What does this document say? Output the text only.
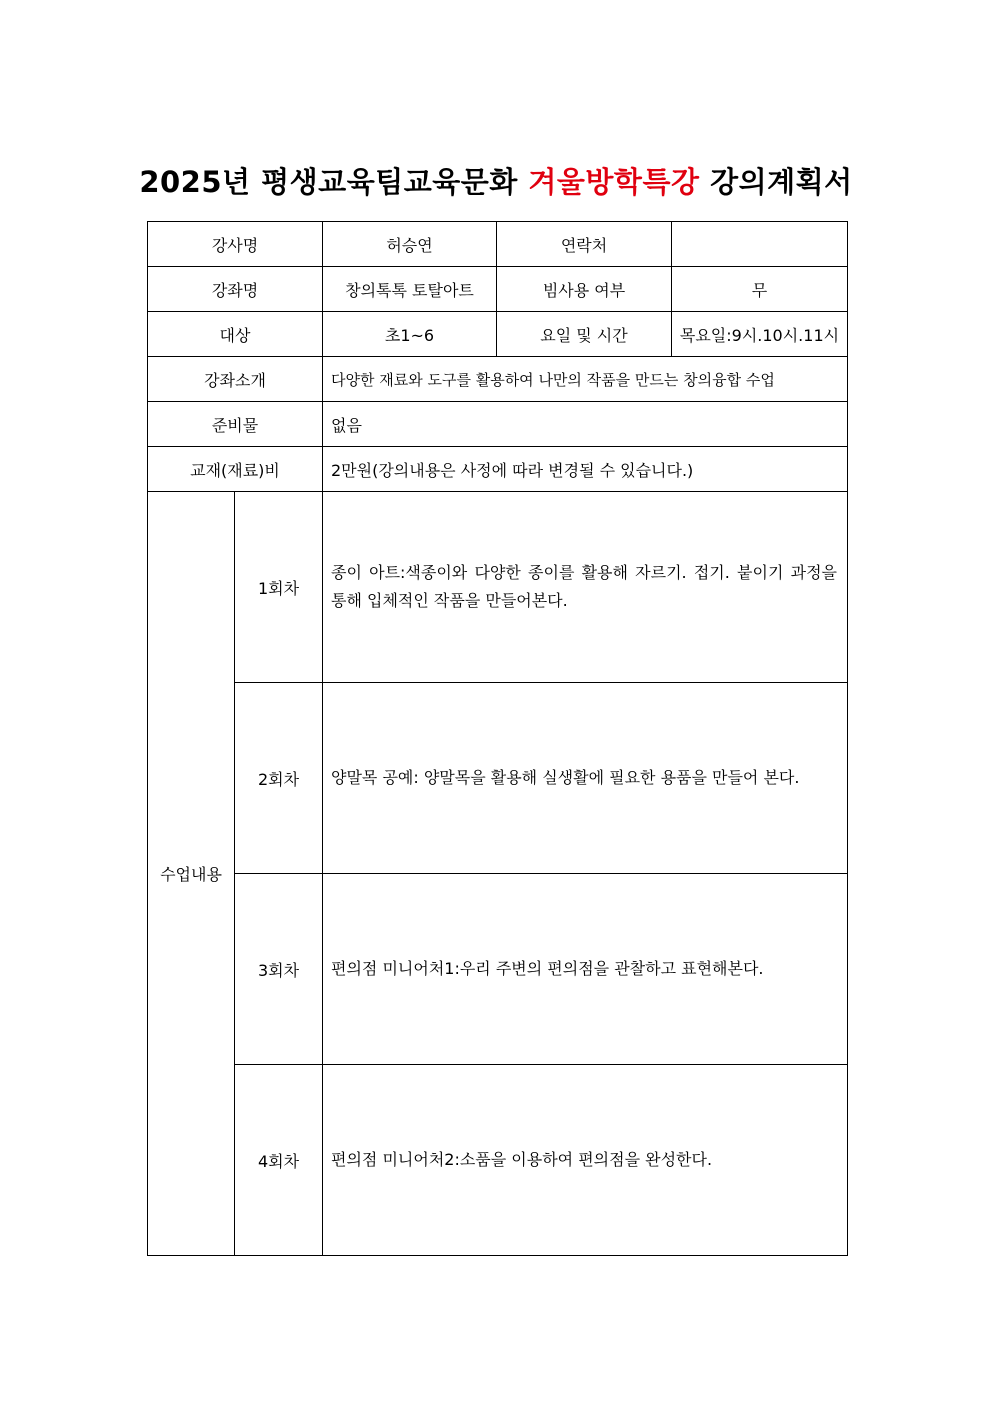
2025년 평생교육팀교육문화 겨울방학특강 강의계획서
강사명		허승연	연락처	
강좌명		창의톡톡 토탈아트	빔사용 여부	무
대상		초1~6	요일 및 시간	목요일:9시.10시.11시
강좌소개		다양한 재료와 도구를 활용하여 나만의 작품을 만드는 창의융합 수업		
준비물		없음		
교재(재료)비		2만원(강의내용은 사정에 따라 변경될 수 있습니다.)		
수업내용	1회차	종이 아트:색종이와 다양한 종이를 활용해 자르기. 접기. 붙이기 과정을 통해 입체적인 작품을 만들어본다.		
	2회차	양말목 공예: 양말목을 활용해 실생활에 필요한 용품을 만들어 본다.		
	3회차	편의점 미니어처1:우리 주변의 편의점을 관찰하고 표현해본다.		
	4회차	편의점 미니어처2:소품을 이용하여 편의점을 완성한다.		
